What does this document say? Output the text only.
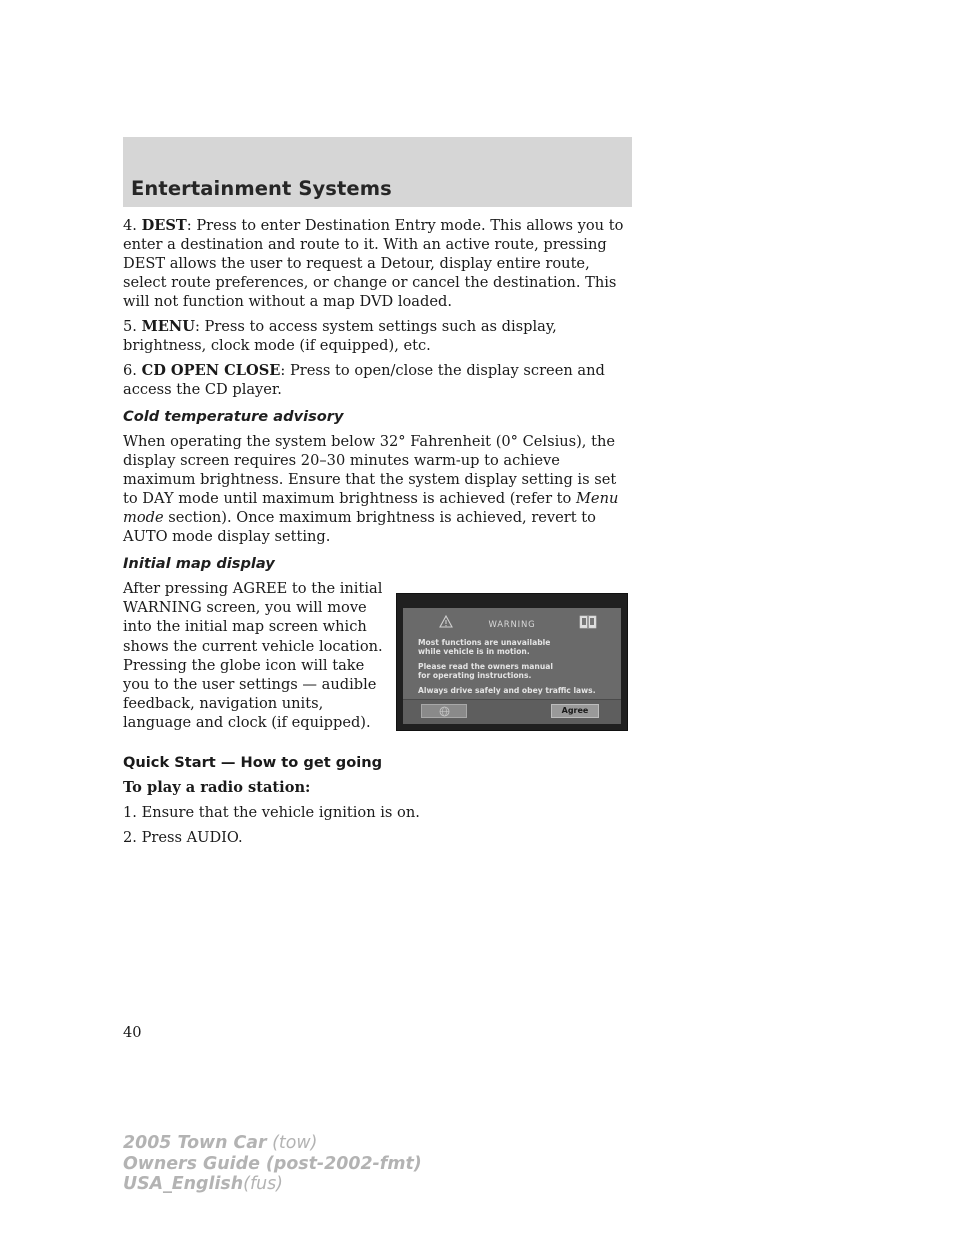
Entertainment Systems

4. DEST: Press to enter Destination Entry mode. This allows you to enter a destination and route to it. With an active route, pressing DEST allows the user to request a Detour, display entire route, select route preferences, or change or cancel the destination. This will not function without a map DVD loaded.

5. MENU: Press to access system settings such as display, brightness, clock mode (if equipped), etc.

6. CD OPEN CLOSE: Press to open/close the display screen and access the CD player.

Cold temperature advisory

When operating the system below 32° Fahrenheit (0° Celsius), the display screen requires 20–30 minutes warm-up to achieve maximum brightness. Ensure that the system display setting is set to DAY mode until maximum brightness is achieved (refer to Menu mode section). Once maximum brightness is achieved, revert to AUTO mode display setting.

Initial map display

After pressing AGREE to the initial WARNING screen, you will move into the initial map screen which shows the current vehicle location. Pressing the globe icon will take you to the user settings — audible feedback, navigation units, language and clock (if equipped).

WARNING
Most functions are unavailable
while vehicle is in motion.
Please read the owners manual
for operating instructions.
Always drive safely and obey traffic laws.
Agree
Quick Start — How to get going

To play a radio station:

1. Ensure that the vehicle ignition is on.

2. Press AUDIO.

40

2005 Town Car (tow)
Owners Guide (post-2002-fmt)
USA_English(fus)
